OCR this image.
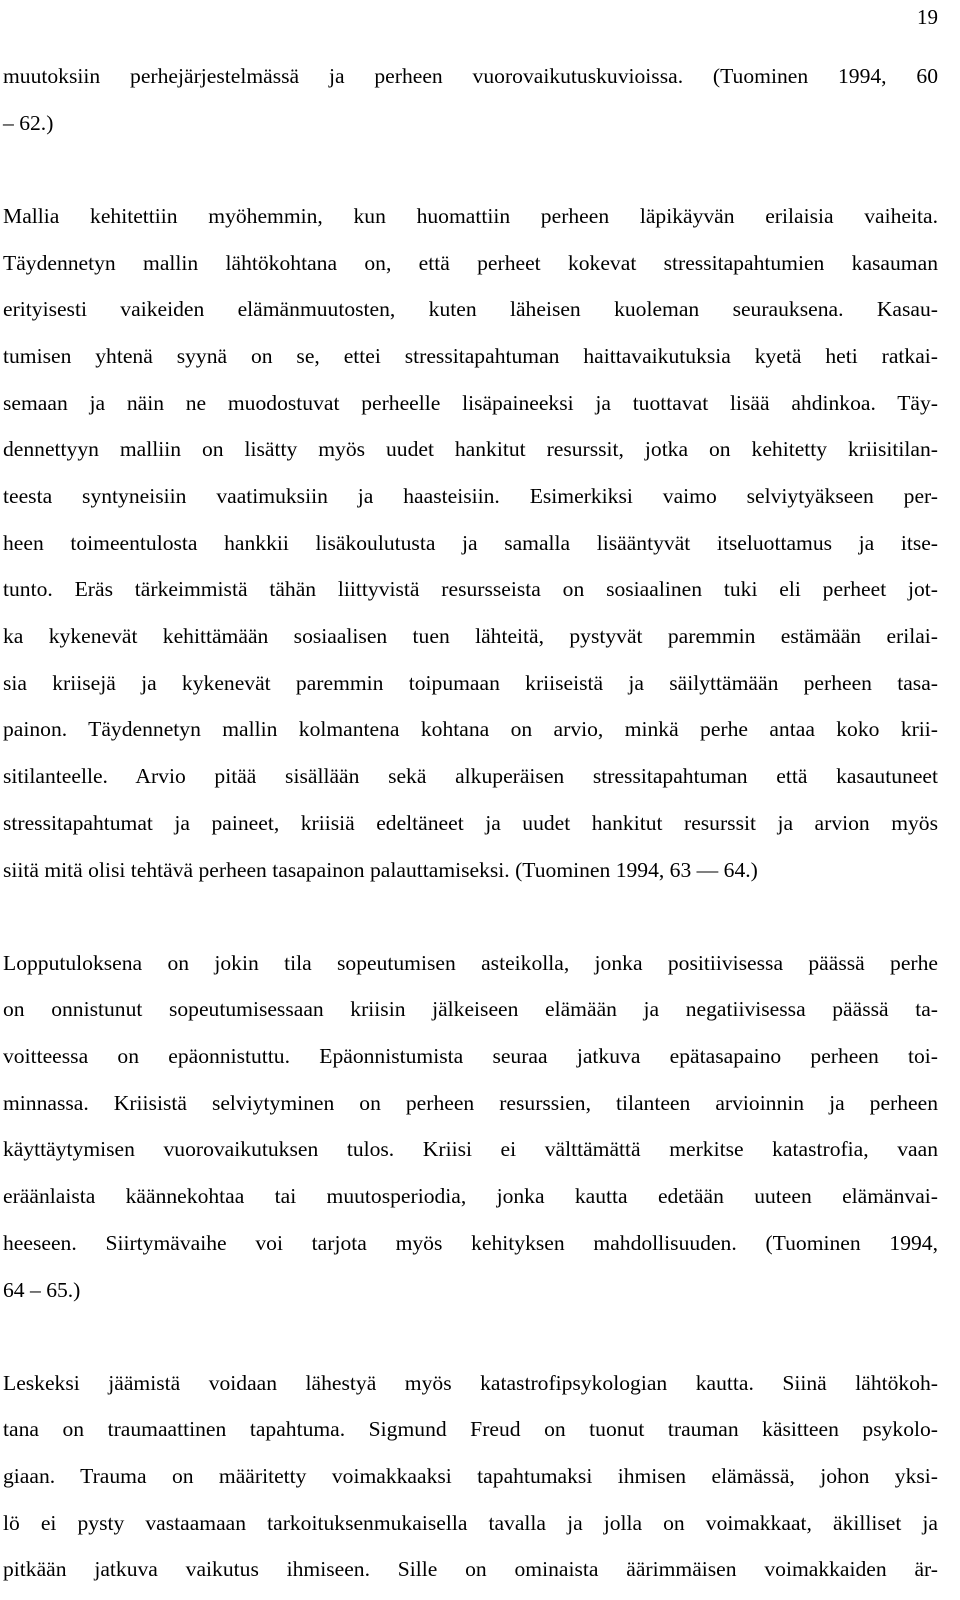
19
muutoksiin perhejärjestelmässä ja perheen vuorovaikutuskuvioissa. (Tuominen 1994, 60
– 62.)
Mallia kehitettiin myöhemmin, kun huomattiin perheen läpikäyvän erilaisia vaiheita.
Täydennetyn mallin lähtökohtana on, että perheet kokevat stressitapahtumien kasauman
erityisesti vaikeiden elämänmuutosten, kuten läheisen kuoleman seurauksena. Kasau-
tumisen yhtenä syynä on se, ettei stressitapahtuman haittavaikutuksia kyetä heti ratkai-
semaan ja näin ne muodostuvat perheelle lisäpaineeksi ja tuottavat lisää ahdinkoa. Täy-
dennettyyn malliin on lisätty myös uudet hankitut resurssit, jotka on kehitetty kriisitilan-
teesta syntyneisiin vaatimuksiin ja haasteisiin. Esimerkiksi vaimo selviytyäkseen per-
heen toimeentulosta hankkii lisäkoulutusta ja samalla lisääntyvät itseluottamus ja itse-
tunto. Eräs tärkeimmistä tähän liittyvistä resursseista on sosiaalinen tuki eli perheet jot-
ka kykenevät kehittämään sosiaalisen tuen lähteitä, pystyvät paremmin estämään erilai-
sia kriisejä ja kykenevät paremmin toipumaan kriiseistä ja säilyttämään perheen tasa-
painon. Täydennetyn mallin kolmantena kohtana on arvio, minkä perhe antaa koko krii-
sitilanteelle. Arvio pitää sisällään sekä alkuperäisen stressitapahtuman että kasautuneet
stressitapahtumat ja paineet, kriisiä edeltäneet ja uudet hankitut resurssit ja arvion myös
siitä mitä olisi tehtävä perheen tasapainon palauttamiseksi. (Tuominen 1994, 63 — 64.)
Lopputuloksena on jokin tila sopeutumisen asteikolla, jonka positiivisessa päässä perhe
on onnistunut sopeutumisessaan kriisin jälkeiseen elämään ja negatiivisessa päässä ta-
voitteessa on epäonnistuttu. Epäonnistumista seuraa jatkuva epätasapaino perheen toi-
minnassa. Kriisistä selviytyminen on perheen resurssien, tilanteen arvioinnin ja perheen
käyttäytymisen vuorovaikutuksen tulos. Kriisi ei välttämättä merkitse katastrofia, vaan
eräänlaista käännekohtaa tai muutosperiodia, jonka kautta edetään uuteen elämänvai-
heeseen. Siirtymävaihe voi tarjota myös kehityksen mahdollisuuden. (Tuominen 1994,
64 – 65.)
Leskeksi jäämistä voidaan lähestyä myös katastrofipsykologian kautta. Siinä lähtökoh-
tana on traumaattinen tapahtuma. Sigmund Freud on tuonut trauman käsitteen psykolo-
giaan. Trauma on määritetty voimakkaaksi tapahtumaksi ihmisen elämässä, johon yksi-
lö ei pysty vastaamaan tarkoituksenmukaisella tavalla ja jolla on voimakkaat, äkilliset ja
pitkään jatkuva vaikutus ihmiseen. Sille on ominaista äärimmäisen voimakkaiden är-
